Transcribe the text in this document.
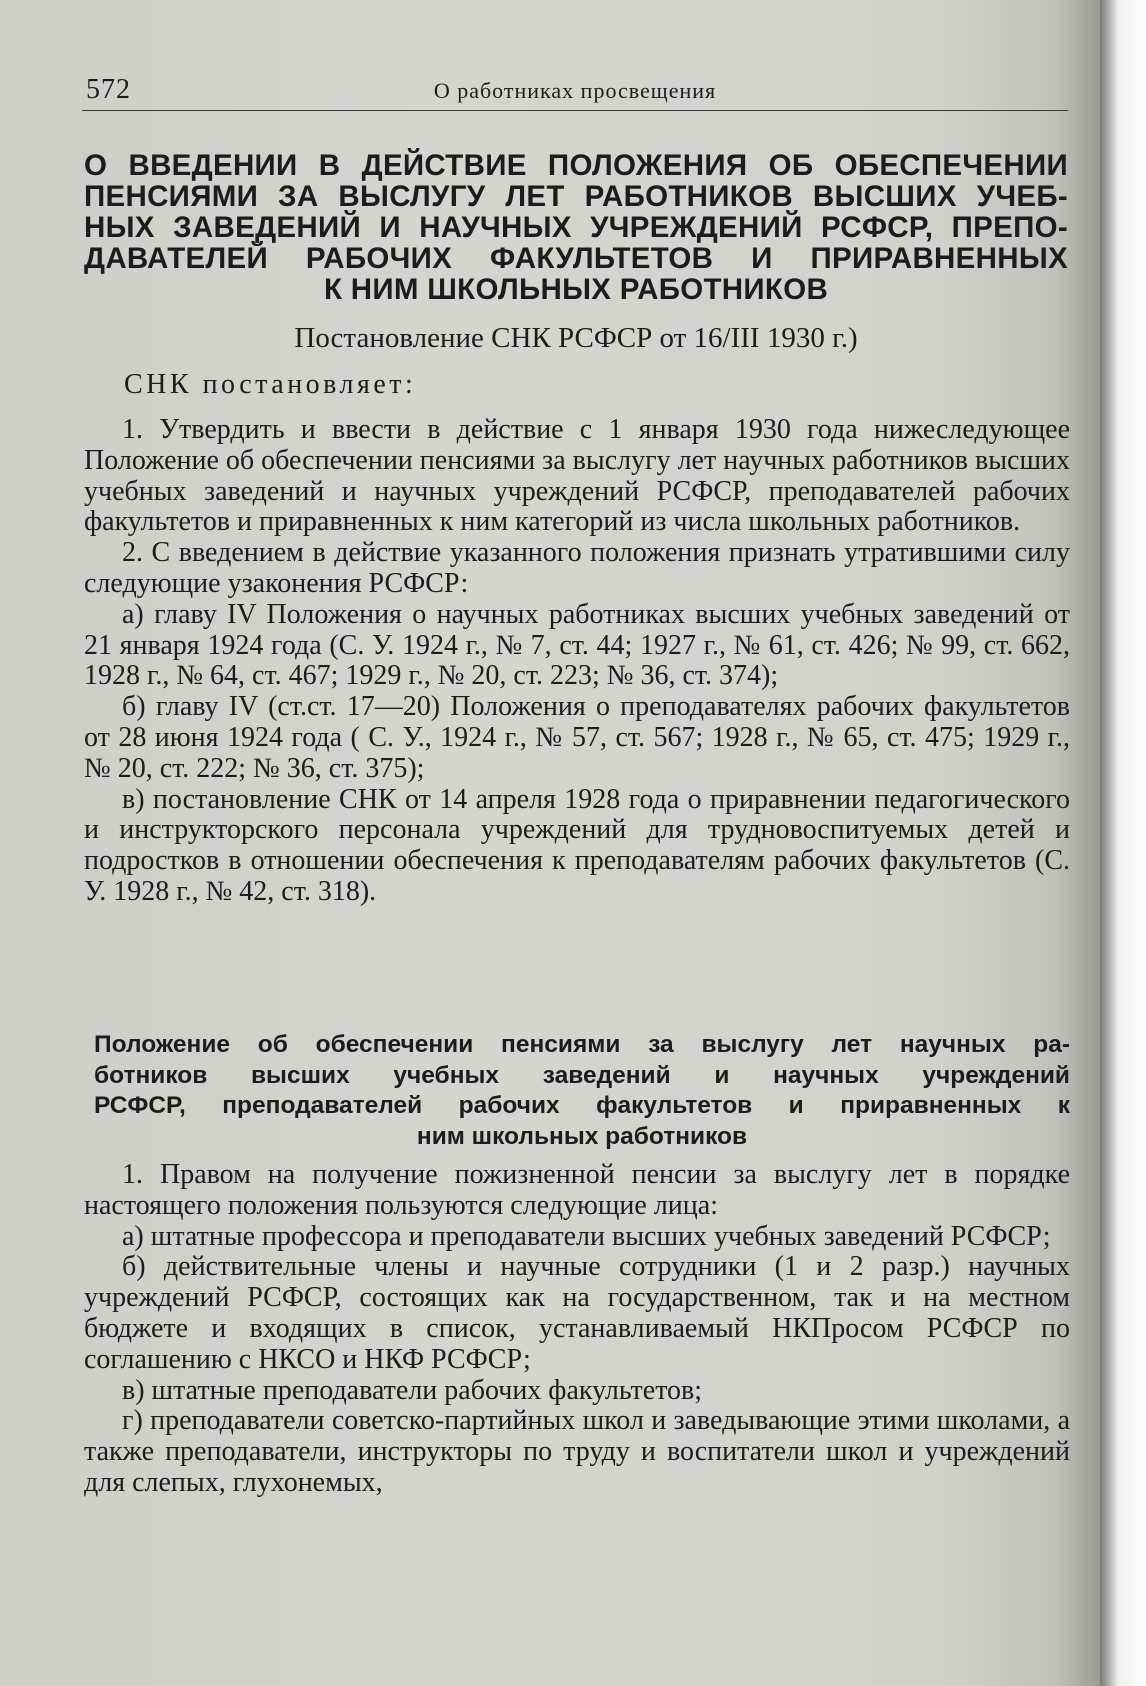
572	О работниках просвещения
О ВВЕДЕНИИ В ДЕЙСТВИЕ ПОЛОЖЕНИЯ ОБ ОБЕСПЕЧЕНИИ
ПЕНСИЯМИ ЗА ВЫСЛУГУ ЛЕТ РАБОТНИКОВ ВЫСШИХ УЧЕБ-
НЫХ ЗАВЕДЕНИЙ И НАУЧНЫХ УЧРЕЖДЕНИЙ РСФСР, ПРЕПО-
ДАВАТЕЛЕЙ РАБОЧИХ ФАКУЛЬТЕТОВ И ПРИРАВНЕННЫХ
К НИМ ШКОЛЬНЫХ РАБОТНИКОВ

Постановление СНК РСФСР от 16/III 1930 г.)

СНК постановляет:

1. Утвердить и ввести в действие с 1 января 1930 года нижеследующее Положение об обеспечении пенсиями за выслугу лет научных работников высших учебных заведений и научных учреждений РСФСР, преподавателей рабочих факультетов и приравненных к ним категорий из числа школьных работников.

2. С введением в действие указанного положения признать утратившими силу следующие узаконения РСФСР:

а) главу IV Положения о научных работниках высших учебных заведений от 21 января 1924 года (С. У. 1924 г., № 7, ст. 44; 1927 г., № 61, ст. 426; № 99, ст. 662, 1928 г., № 64, ст. 467; 1929 г., № 20, ст. 223; № 36, ст. 374);

б) главу IV (ст.ст. 17—20) Положения о преподавателях рабочих факультетов от 28 июня 1924 года ( С. У., 1924 г., № 57, ст. 567; 1928 г., № 65, ст. 475; 1929 г., № 20, ст. 222; № 36, ст. 375);

в) постановление СНК от 14 апреля 1928 года о приравнении педагогического и инструкторского персонала учреждений для трудновоспитуемых детей и подростков в отношении обеспечения к преподавателям рабочих факультетов (С. У. 1928 г., № 42, ст. 318).

Положение об обеспечении пенсиями за выслугу лет научных ра-
ботников высших учебных заведений и научных учреждений
РСФСР, преподавателей рабочих факультетов и приравненных к
ним школьных работников

1. Правом на получение пожизненной пенсии за выслугу лет в порядке настоящего положения пользуются следующие лица:

а) штатные профессора и преподаватели высших учебных заведений РСФСР;

б) действительные члены и научные сотрудники (1 и 2 разр.) научных учреждений РСФСР, состоящих как на государственном, так и на местном бюджете и входящих в список, устанавливаемый НКПросом РСФСР по соглашению с НКСО и НКФ РСФСР;

в) штатные преподаватели рабочих факультетов;

г) преподаватели советско-партийных школ и заведывающие этими школами, а также преподаватели, инструкторы по труду и воспитатели школ и учреждений для слепых, глухонемых,
